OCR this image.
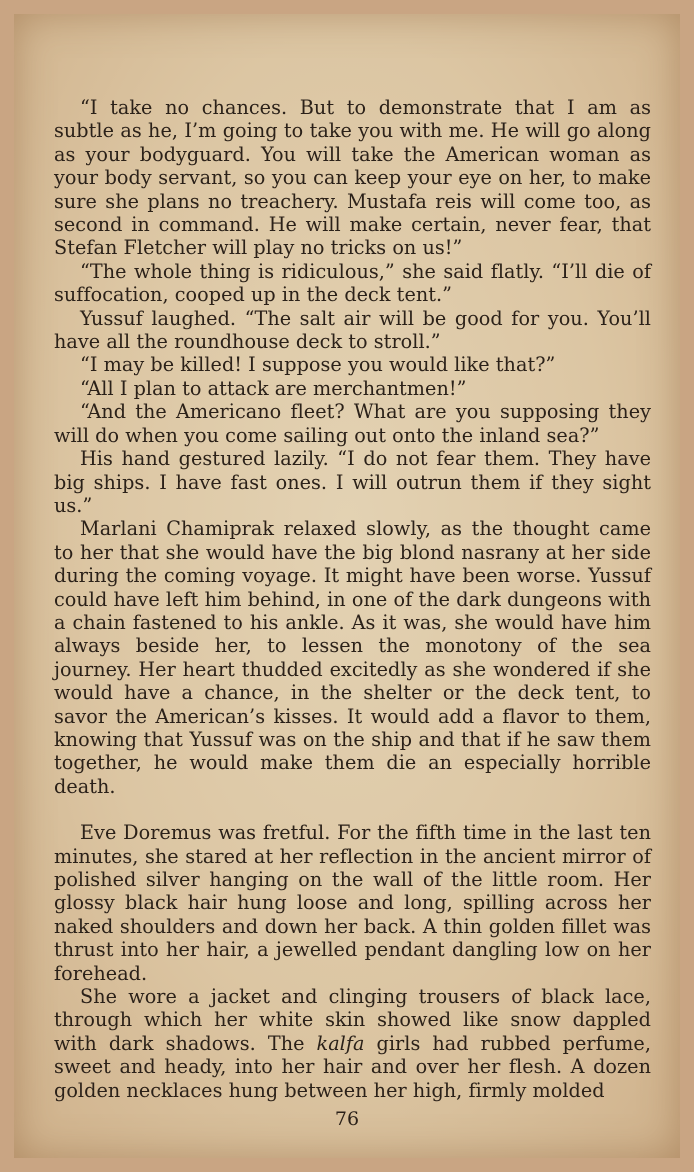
“I take no chances. But to demonstrate that I am as subtle as he, I’m going to take you with me. He will go along as your bodyguard. You will take the American woman as your body servant, so you can keep your eye on her, to make sure she plans no treachery. Mustafa reis will come too, as second in command. He will make certain, never fear, that Stefan Fletcher will play no tricks on us!”

“The whole thing is ridiculous,” she said flatly. “I’ll die of suffocation, cooped up in the deck tent.”

Yussuf laughed. “The salt air will be good for you. You’ll have all the roundhouse deck to stroll.”

“I may be killed! I suppose you would like that?”

“All I plan to attack are merchantmen!”

“And the Americano fleet? What are you supposing they will do when you come sailing out onto the inland sea?”

His hand gestured lazily. “I do not fear them. They have big ships. I have fast ones. I will outrun them if they sight us.”

Marlani Chamiprak relaxed slowly, as the thought came to her that she would have the big blond nasrany at her side during the coming voyage. It might have been worse. Yussuf could have left him behind, in one of the dark dungeons with a chain fastened to his ankle. As it was, she would have him always beside her, to lessen the monotony of the sea journey. Her heart thudded excitedly as she wondered if she would have a chance, in the shelter or the deck tent, to savor the American’s kisses. It would add a flavor to them, knowing that Yussuf was on the ship and that if he saw them together, he would make them die an especially horrible death.

Eve Doremus was fretful. For the fifth time in the last ten minutes, she stared at her reflection in the ancient mirror of polished silver hanging on the wall of the little room. Her glossy black hair hung loose and long, spilling across her naked shoulders and down her back. A thin golden fillet was thrust into her hair, a jewelled pendant dangling low on her forehead.

She wore a jacket and clinging trousers of black lace, through which her white skin showed like snow dappled with dark shadows. The kalfa girls had rubbed perfume, sweet and heady, into her hair and over her flesh. A dozen golden necklaces hung between her high, firmly molded

76
